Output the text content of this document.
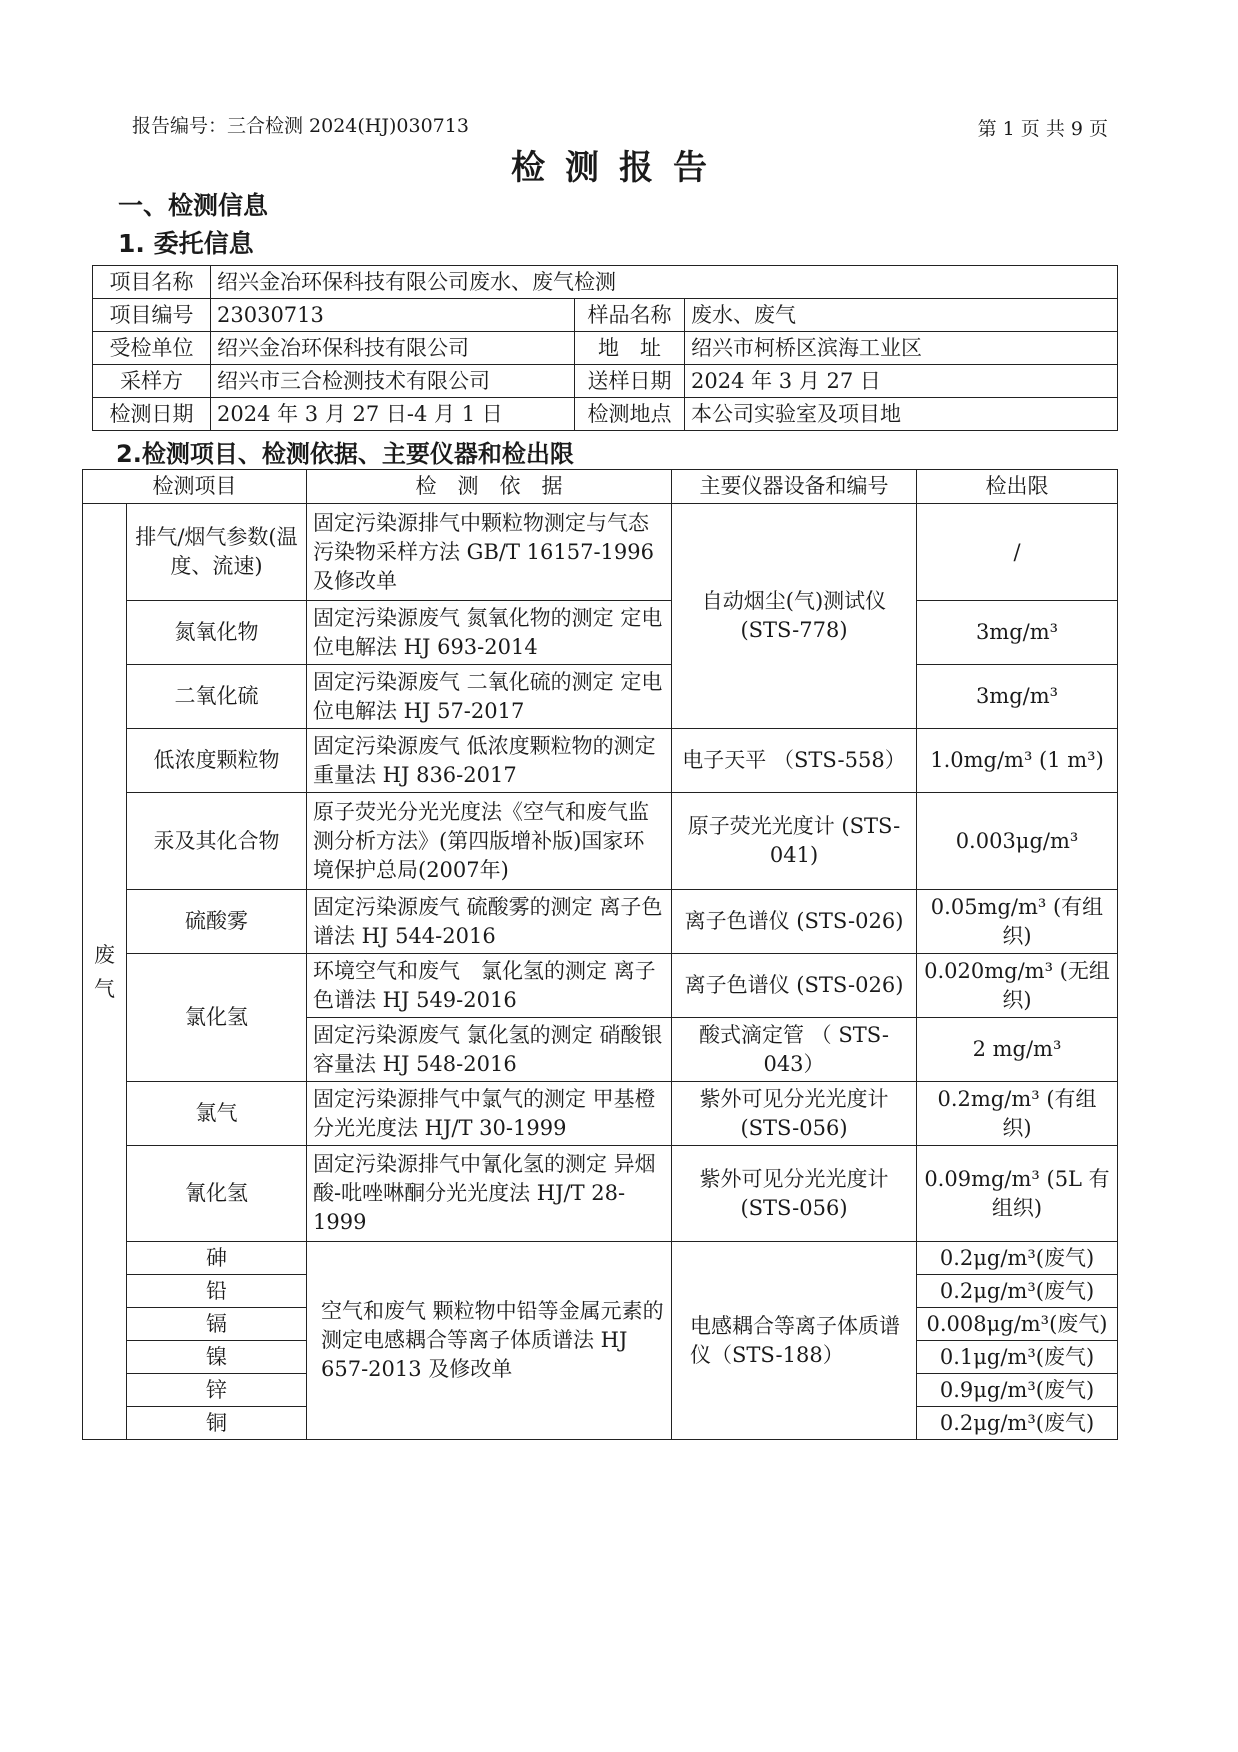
报告编号：三合检测 2024(HJ)030713	第 1 页 共 9 页
检测报告
一、检测信息
1. 委托信息
项目名称	绍兴金冶环保科技有限公司废水、废气检测		
项目编号	23030713	样品名称	废水、废气
受检单位	绍兴金冶环保科技有限公司	地　址	绍兴市柯桥区滨海工业区
采样方	绍兴市三合检测技术有限公司	送样日期	2024 年 3 月 27 日
检测日期	2024 年 3 月 27 日-4 月 1 日	检测地点	本公司实验室及项目地
2.检测项目、检测依据、主要仪器和检出限
检测项目		检　测　依　据	主要仪器设备和编号	检出限
废气	排气/烟气参数(温度、流速)	固定污染源排气中颗粒物测定与气态污染物采样方法 GB/T 16157-1996 及修改单	自动烟尘(气)测试仪 (STS-778)	/
	氮氧化物	固定污染源废气 氮氧化物的测定 定电位电解法 HJ 693-2014		3mg/m³
	二氧化硫	固定污染源废气 二氧化硫的测定 定电位电解法 HJ 57-2017		3mg/m³
	低浓度颗粒物	固定污染源废气 低浓度颗粒物的测定 重量法 HJ 836-2017	电子天平 （STS-558）	1.0mg/m³ (1 m³)
	汞及其化合物	原子荧光分光光度法《空气和废气监测分析方法》(第四版增补版)国家环境保护总局(2007年)	原子荧光光度计 (STS-041)	0.003μg/m³
	硫酸雾	固定污染源废气 硫酸雾的测定 离子色谱法 HJ 544-2016	离子色谱仪 (STS-026)	0.05mg/m³ (有组织)
	氯化氢	环境空气和废气　氯化氢的测定 离子色谱法 HJ 549-2016	离子色谱仪 (STS-026)	0.020mg/m³ (无组织)
		固定污染源废气 氯化氢的测定 硝酸银容量法 HJ 548-2016	酸式滴定管 （ STS-043）	2 mg/m³
	氯气	固定污染源排气中氯气的测定 甲基橙分光光度法 HJ/T 30-1999	紫外可见分光光度计 (STS-056)	0.2mg/m³ (有组织)
	氰化氢	固定污染源排气中氰化氢的测定 异烟酸-吡唑啉酮分光光度法 HJ/T 28-1999	紫外可见分光光度计 (STS-056)	0.09mg/m³ (5L 有组织)
	砷	空气和废气 颗粒物中铅等金属元素的测定电感耦合等离子体质谱法 HJ 657-2013 及修改单	电感耦合等离子体质谱仪（STS-188）	0.2μg/m³(废气)
	铅			0.2μg/m³(废气)
	镉			0.008μg/m³(废气)
	镍			0.1μg/m³(废气)
	锌			0.9μg/m³(废气)
	铜			0.2μg/m³(废气)
